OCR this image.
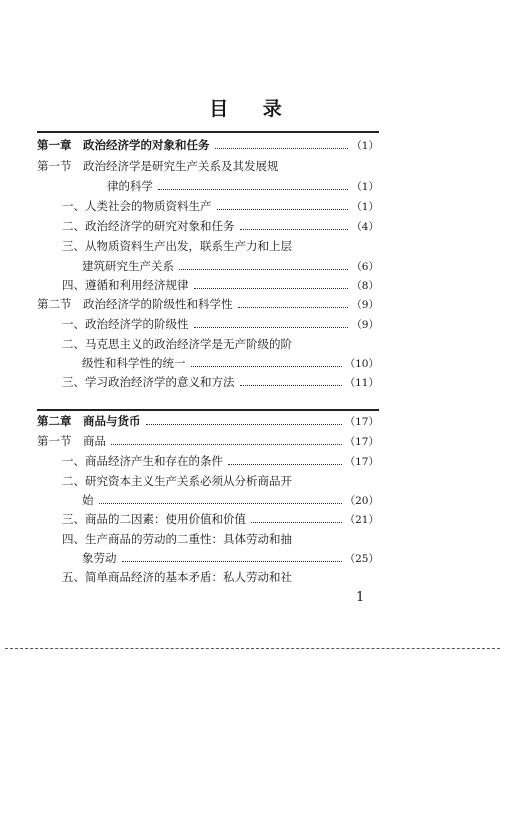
目 录
第一章　政治经济学的对象和任务	（1）
第一节　政治经济学是研究生产关系及其发展规
律的科学	（1）
一、人类社会的物质资料生产	（1）
二、政治经济学的研究对象和任务	（4）
三、从物质资料生产出发，联系生产力和上层
建筑研究生产关系	（6）
四、遵循和利用经济规律	（8）
第二节　政治经济学的阶级性和科学性	（9）
一、政治经济学的阶级性	（9）
二、马克思主义的政治经济学是无产阶级的阶
级性和科学性的统一	（10）
三、学习政治经济学的意义和方法	（11）
第二章　商品与货币	（17）
第一节　商品	（17）
一、商品经济产生和存在的条件	（17）
二、研究资本主义生产关系必须从分析商品开
始	（20）
三、商品的二因素：使用价值和价值	（21）
四、生产商品的劳动的二重性：具体劳动和抽
象劳动	（25）
五、简单商品经济的基本矛盾：私人劳动和社
1
